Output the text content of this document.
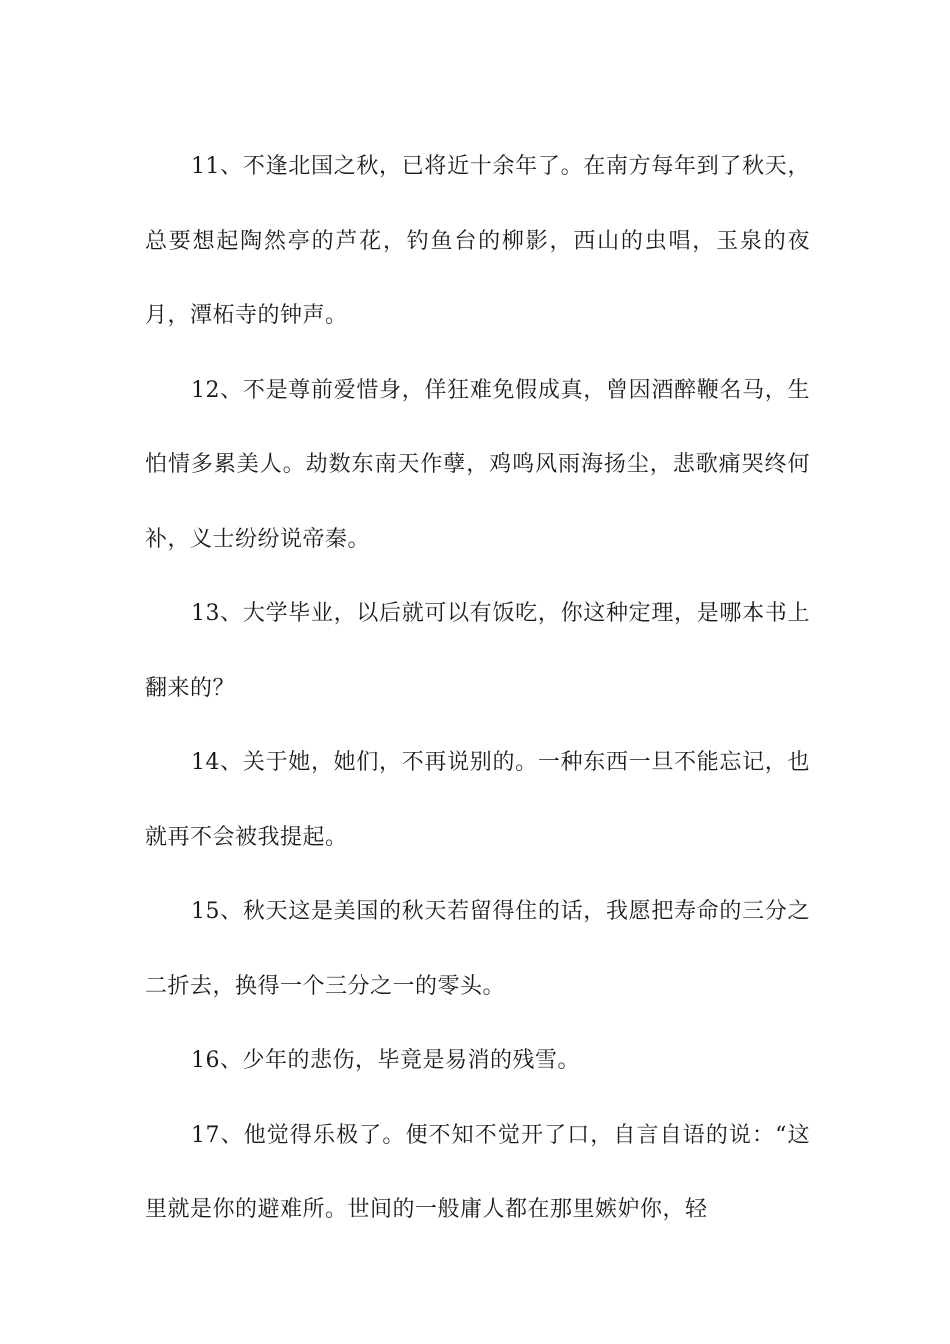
11、不逢北国之秋，已将近十余年了。在南方每年到了秋天，总要想起陶然亭的芦花，钓鱼台的柳影，西山的虫唱，玉泉的夜月，潭柘寺的钟声。

12、不是尊前爱惜身，佯狂难免假成真，曾因酒醉鞭名马，生怕情多累美人。劫数东南天作孽，鸡鸣风雨海扬尘，悲歌痛哭终何补，义士纷纷说帝秦。

13、大学毕业，以后就可以有饭吃，你这种定理，是哪本书上翻来的？

14、关于她，她们，不再说别的。一种东西一旦不能忘记，也就再不会被我提起。

15、秋天这是美国的秋天若留得住的话，我愿把寿命的三分之二折去，换得一个三分之一的零头。

16、少年的悲伤，毕竟是易消的残雪。

17、他觉得乐极了。便不知不觉开了口，自言自语的说：“这里就是你的避难所。世间的一般庸人都在那里嫉妒你，轻
